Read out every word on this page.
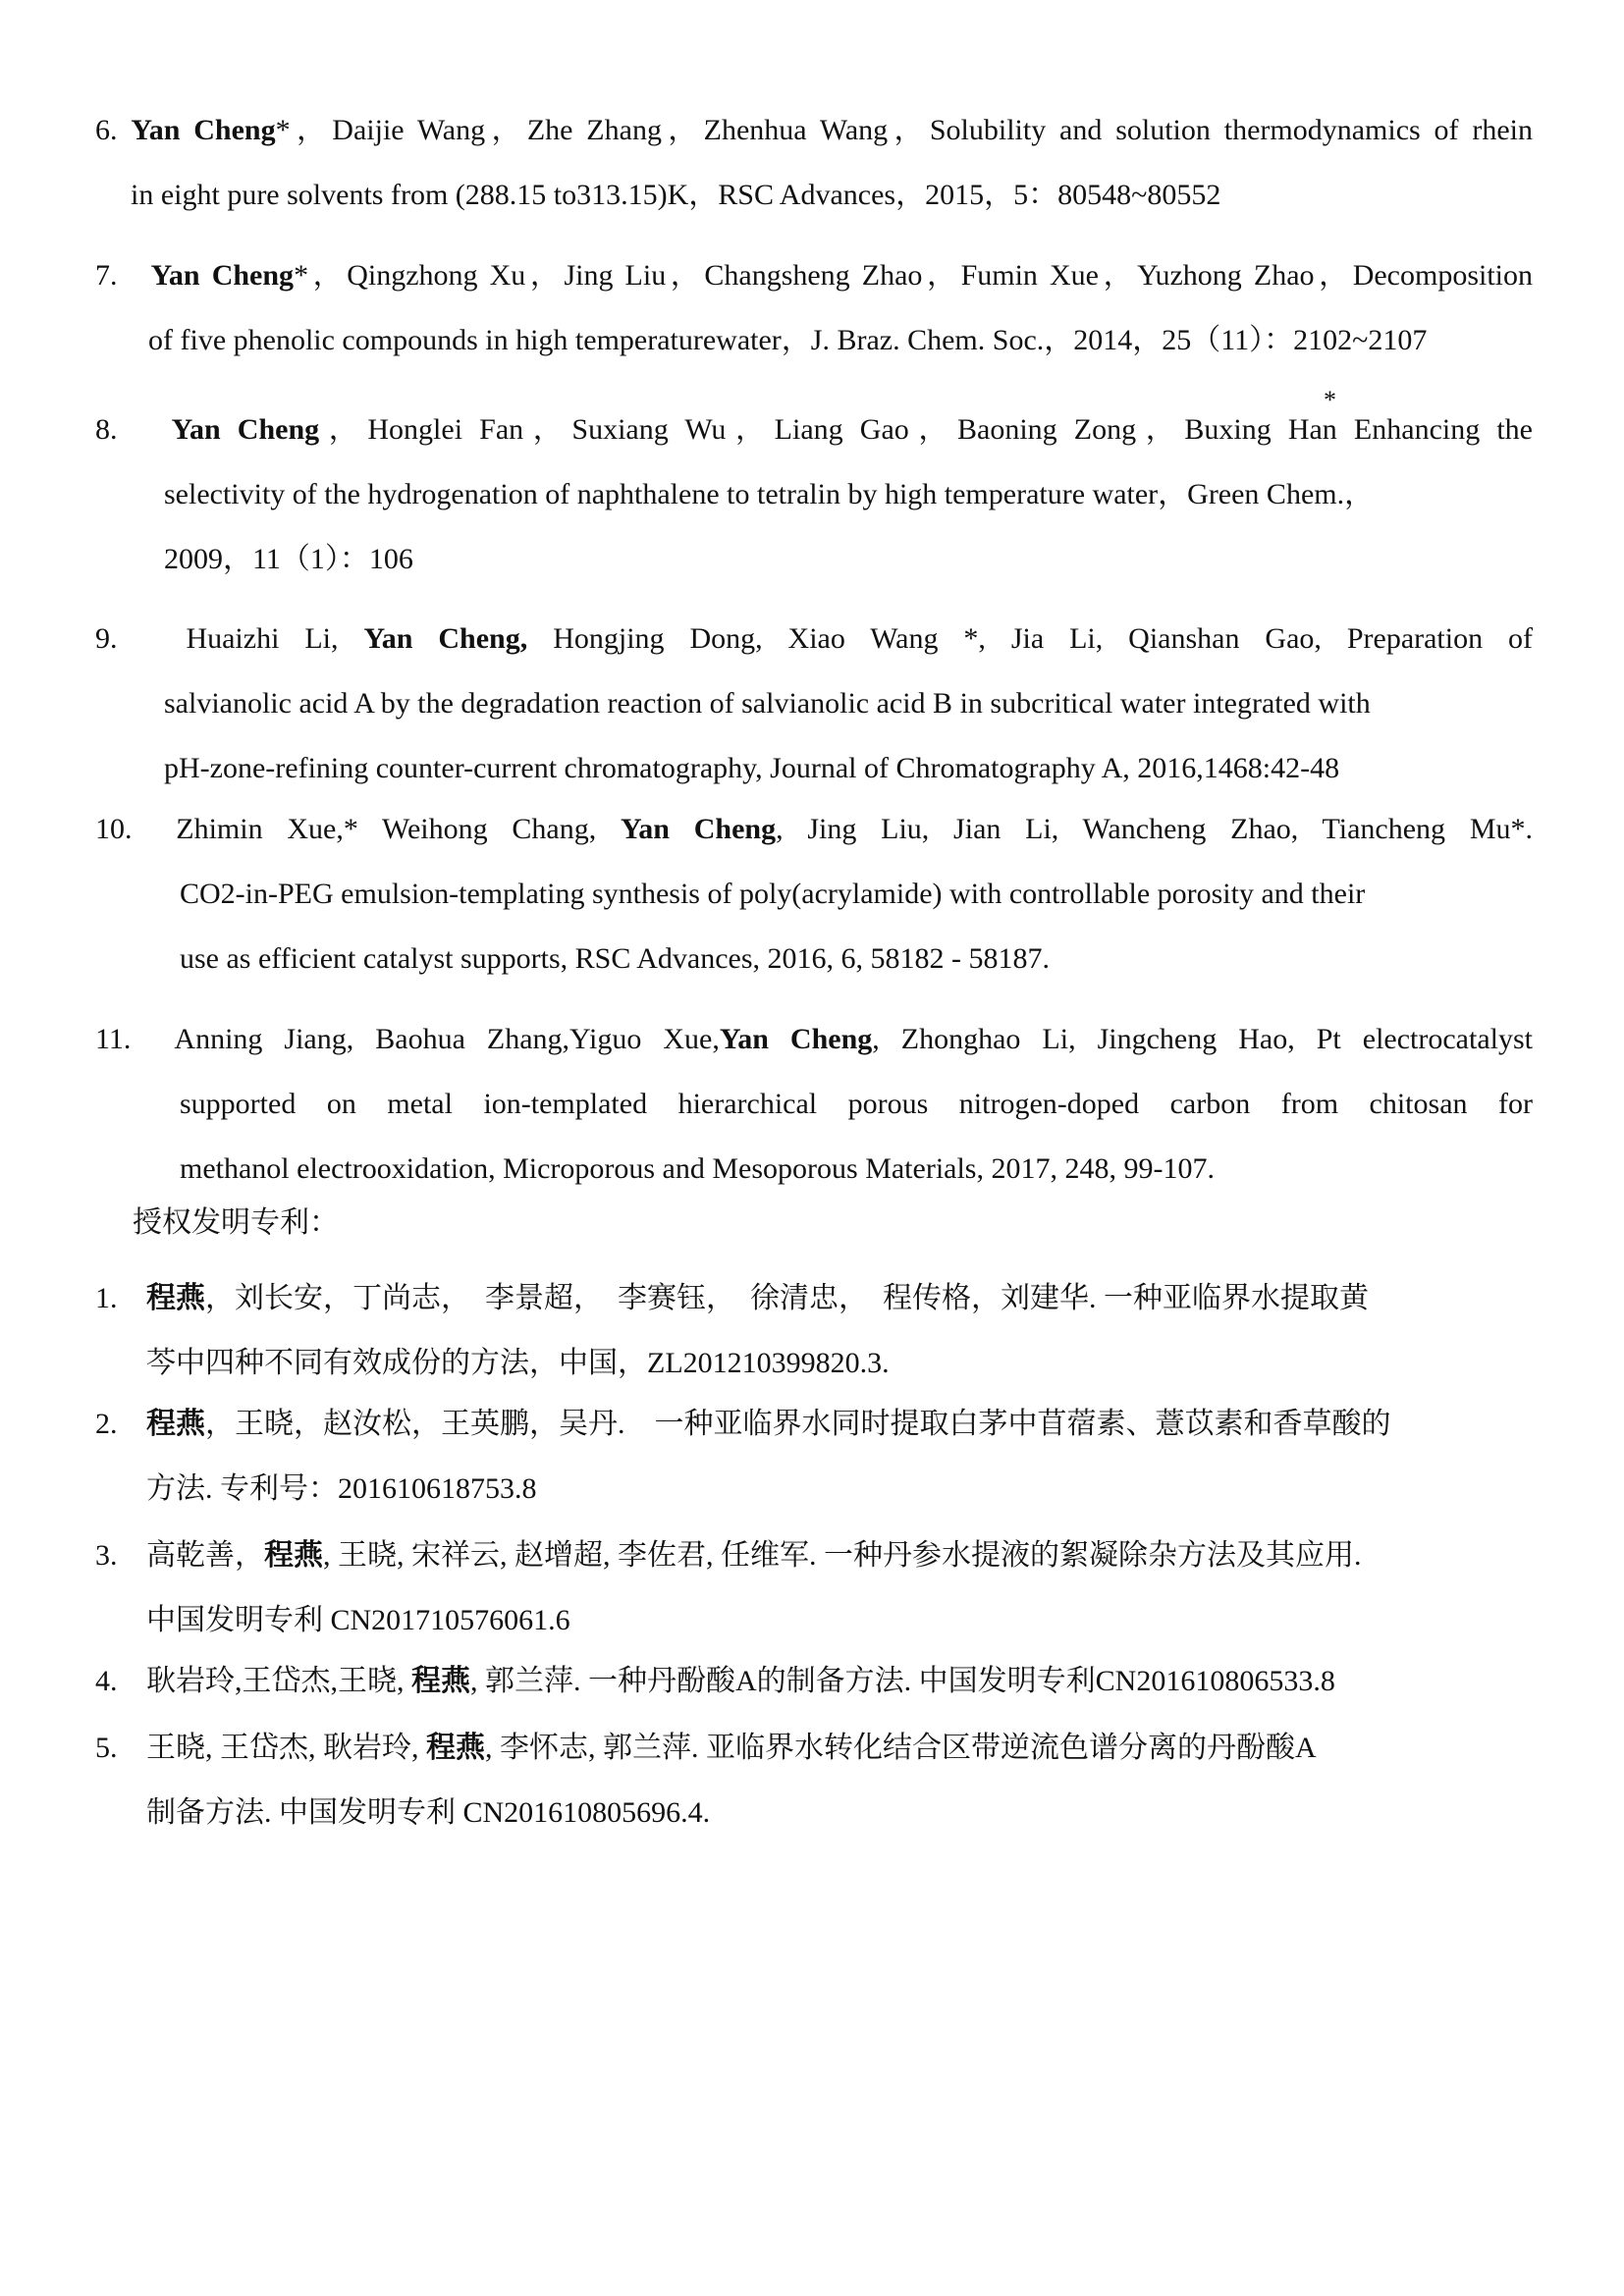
6. Yan Cheng*，Daijie Wang，Zhe Zhang，Zhenhua Wang，Solubility and solution thermodynamics of rhein
in eight pure solvents from (288.15 to313.15)K，RSC Advances，2015，5：80548~80552
7. Yan Cheng*，Qingzhong Xu，Jing Liu，Changsheng Zhao，Fumin Xue，Yuzhong Zhao，Decomposition
of five phenolic compounds in high temperaturewater，J. Braz. Chem. Soc.，2014，25（11）：2102~2107
*
8. Yan Cheng，Honglei Fan，Suxiang Wu，Liang Gao，Baoning Zong，Buxing Han Enhancing the
selectivity of the hydrogenation of naphthalene to tetralin by high temperature water，Green Chem.，
2009，11（1）：106
9. Huaizhi Li, Yan Cheng, Hongjing Dong, Xiao Wang *, Jia Li, Qianshan Gao, Preparation of
salvianolic acid A by the degradation reaction of salvianolic acid B in subcritical water integrated with
pH-zone-refining counter-current chromatography, Journal of Chromatography A, 2016,1468:42-48
10. Zhimin Xue,* Weihong Chang, Yan Cheng, Jing Liu, Jian Li, Wancheng Zhao, Tiancheng Mu*.
CO2-in-PEG emulsion-templating synthesis of poly(acrylamide) with controllable porosity and their
use as efficient catalyst supports, RSC Advances, 2016, 6, 58182 - 58187.
11. Anning Jiang, Baohua Zhang,Yiguo Xue,Yan Cheng, Zhonghao Li, Jingcheng Hao, Pt electrocatalyst
supported on metal ion-templated hierarchical porous nitrogen-doped carbon from chitosan for
methanol electrooxidation, Microporous and Mesoporous Materials, 2017, 248, 99-107.
授权发明专利：
1. 程燕，刘长安，丁尚志，　李景超，　李赛钰，　徐清忠，　程传格，刘建华. 一种亚临界水提取黄
芩中四种不同有效成份的方法，中国，ZL201210399820.3.
2. 程燕，王晓，赵汝松，王英鹏，吴丹.　一种亚临界水同时提取白茅中苜蓿素、薏苡素和香草酸的
方法. 专利号：201610618753.8
3. 高乾善，程燕, 王晓, 宋祥云, 赵增超, 李佐君, 任维军. 一种丹参水提液的絮凝除杂方法及其应用.
中国发明专利 CN201710576061.6
4. 耿岩玲,王岱杰,王晓, 程燕, 郭兰萍. 一种丹酚酸A的制备方法. 中国发明专利CN201610806533.8
5. 王晓, 王岱杰, 耿岩玲, 程燕, 李怀志, 郭兰萍. 亚临界水转化结合区带逆流色谱分离的丹酚酸A
制备方法. 中国发明专利 CN201610805696.4.
